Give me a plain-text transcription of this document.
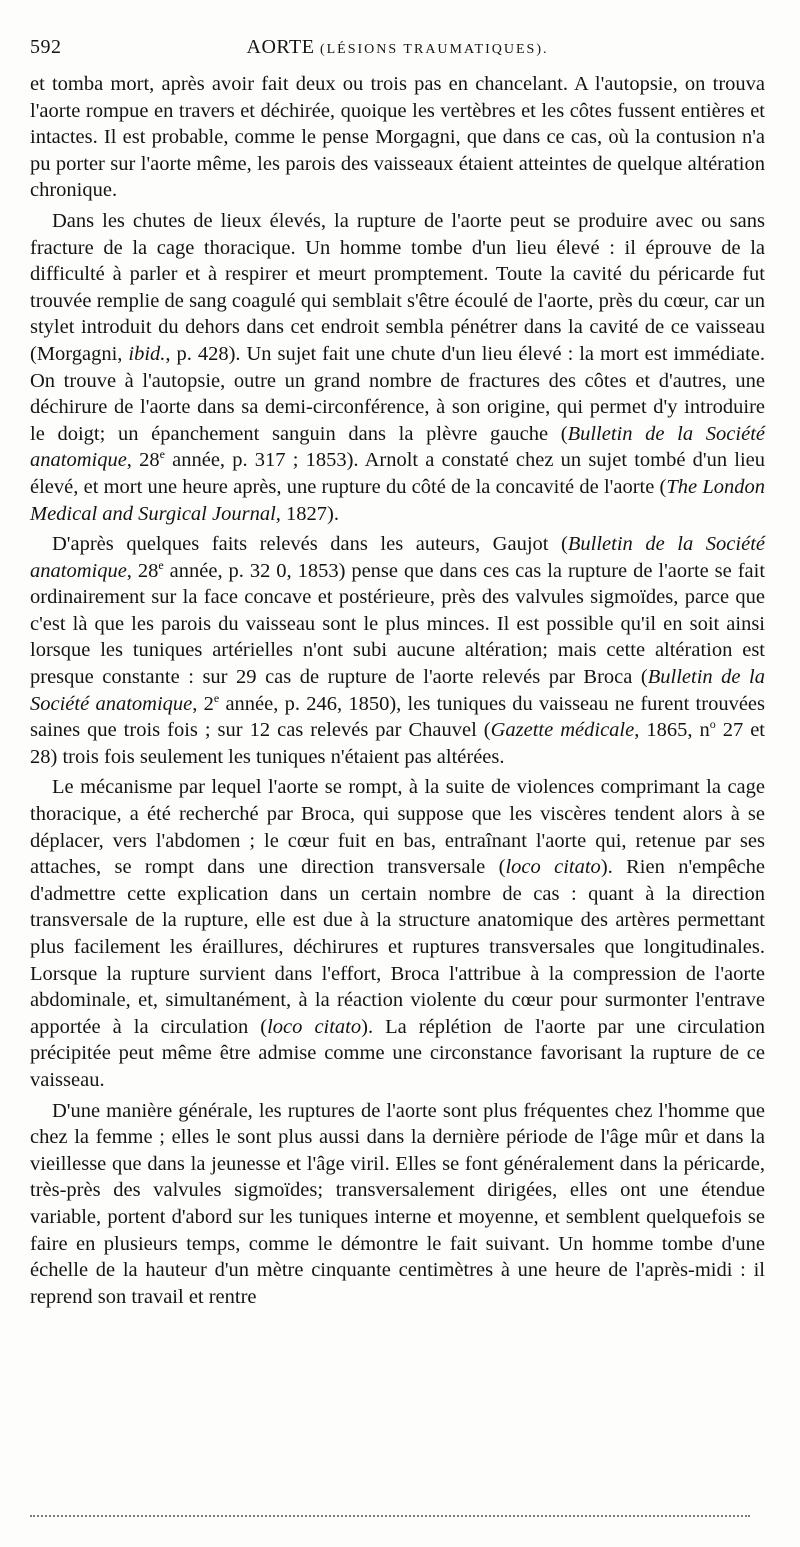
592	AORTE (LÉSIONS TRAUMATIQUES).

et tomba mort, après avoir fait deux ou trois pas en chancelant. A l'autopsie, on trouva l'aorte rompue en travers et déchirée, quoique les vertèbres et les côtes fussent entières et intactes. Il est probable, comme le pense Morgagni, que dans ce cas, où la contusion n'a pu porter sur l'aorte même, les parois des vaisseaux étaient atteintes de quelque altération chronique.

Dans les chutes de lieux élevés, la rupture de l'aorte peut se produire avec ou sans fracture de la cage thoracique. Un homme tombe d'un lieu élevé : il éprouve de la difficulté à parler et à respirer et meurt promptement. Toute la cavité du péricarde fut trouvée remplie de sang coagulé qui semblait s'être écoulé de l'aorte, près du cœur, car un stylet introduit du dehors dans cet endroit sembla pénétrer dans la cavité de ce vaisseau (Morgagni, ibid., p. 428). Un sujet fait une chute d'un lieu élevé : la mort est immédiate. On trouve à l'autopsie, outre un grand nombre de fractures des côtes et d'autres, une déchirure de l'aorte dans sa demi-circonférence, à son origine, qui permet d'y introduire le doigt; un épanchement sanguin dans la plèvre gauche (Bulletin de la Société anatomique, 28e année, p. 317 ; 1853). Arnolt a constaté chez un sujet tombé d'un lieu élevé, et mort une heure après, une rupture du côté de la concavité de l'aorte (The London Medical and Surgical Journal, 1827).

D'après quelques faits relevés dans les auteurs, Gaujot (Bulletin de la Société anatomique, 28e année, p. 32 0, 1853) pense que dans ces cas la rupture de l'aorte se fait ordinairement sur la face concave et postérieure, près des valvules sigmoïdes, parce que c'est là que les parois du vaisseau sont le plus minces. Il est possible qu'il en soit ainsi lorsque les tuniques artérielles n'ont subi aucune altération; mais cette altération est presque constante : sur 29 cas de rupture de l'aorte relevés par Broca (Bulletin de la Société anatomique, 2e année, p. 246, 1850), les tuniques du vaisseau ne furent trouvées saines que trois fois ; sur 12 cas relevés par Chauvel (Gazette médicale, 1865, $n^o$ 27 et 28) trois fois seulement les tuniques n'étaient pas altérées.

Le mécanisme par lequel l'aorte se rompt, à la suite de violences comprimant la cage thoracique, a été recherché par Broca, qui suppose que les viscères tendent alors à se déplacer, vers l'abdomen ; le cœur fuit en bas, entraînant l'aorte qui, retenue par ses attaches, se rompt dans une direction transversale (loco citato). Rien n'empêche d'admettre cette explication dans un certain nombre de cas : quant à la direction transversale de la rupture, elle est due à la structure anatomique des artères permettant plus facilement les éraillures, déchirures et ruptures transversales que longitudinales. Lorsque la rupture survient dans l'effort, Broca l'attribue à la compression de l'aorte abdominale, et, simultanément, à la réaction violente du cœur pour surmonter l'entrave apportée à la circulation (loco citato). La réplétion de l'aorte par une circulation précipitée peut même être admise comme une circonstance favorisant la rupture de ce vaisseau.

D'une manière générale, les ruptures de l'aorte sont plus fréquentes chez l'homme que chez la femme ; elles le sont plus aussi dans la dernière période de l'âge mûr et dans la vieillesse que dans la jeunesse et l'âge viril. Elles se font généralement dans la péricarde, très-près des valvules sigmoïdes; transversalement dirigées, elles ont une étendue variable, portent d'abord sur les tuniques interne et moyenne, et semblent quelquefois se faire en plusieurs temps, comme le démontre le fait suivant. Un homme tombe d'une échelle de la hauteur d'un mètre cinquante centimètres à une heure de l'après-midi : il reprend son travail et rentre
